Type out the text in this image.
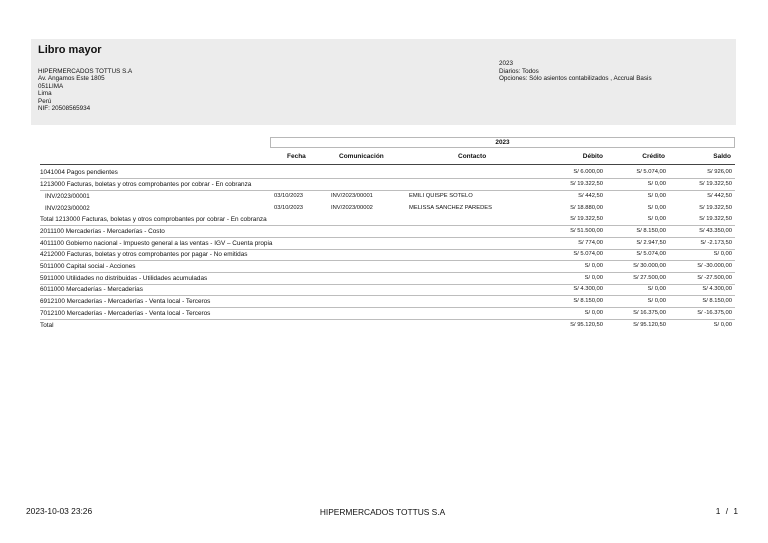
Libro mayor
HIPERMERCADOS TOTTUS S.A
Av. Angamos Este 1805
051LIMA
Lima
Perú
NIF: 20508565934
2023
Diarios: Todos
Opciones: Sólo asientos contabilizados , Accrual Basis
2023
Fecha	Comunicación	Contacto	Débito	Crédito	Saldo
1041004 Pagos pendientes	S/ 6.000,00	S/ 5.074,00	S/ 926,00
1213000 Facturas, boletas y otros comprobantes por cobrar - En cobranza	S/ 19.322,50	S/ 0,00	S/ 19.322,50
INV/2023/00001	03/10/2023	INV/2023/00001	EMILI QUISPE SOTELO	S/ 442,50	S/ 0,00	S/ 442,50
INV/2023/00002	03/10/2023	INV/2023/00002	MELISSA SANCHEZ PAREDES	S/ 18.880,00	S/ 0,00	S/ 19.322,50
Total 1213000 Facturas, boletas y otros comprobantes por cobrar - En cobranza	S/ 19.322,50	S/ 0,00	S/ 19.322,50
2011100 Mercaderías - Mercaderías - Costo	S/ 51.500,00	S/ 8.150,00	S/ 43.350,00
4011100 Gobierno nacional - Impuesto general a las ventas - IGV – Cuenta propia	S/ 774,00	S/ 2.947,50	S/ -2.173,50
4212000 Facturas, boletas y otros comprobantes por pagar - No emitidas	S/ 5.074,00	S/ 5.074,00	S/ 0,00
5011000 Capital social - Acciones	S/ 0,00	S/ 30.000,00	S/ -30.000,00
5911000 Utilidades no distribuidas - Utilidades acumuladas	S/ 0,00	S/ 27.500,00	S/ -27.500,00
6011000 Mercaderías - Mercaderías	S/ 4.300,00	S/ 0,00	S/ 4.300,00
6912100 Mercaderías - Mercaderías - Venta local - Terceros	S/ 8.150,00	S/ 0,00	S/ 8.150,00
7012100 Mercaderías - Mercaderías - Venta local - Terceros	S/ 0,00	S/ 16.375,00	S/ -16.375,00
Total	S/ 95.120,50	S/ 95.120,50	S/ 0,00
2023-10-03 23:26	HIPERMERCADOS TOTTUS S.A	1 / 1
